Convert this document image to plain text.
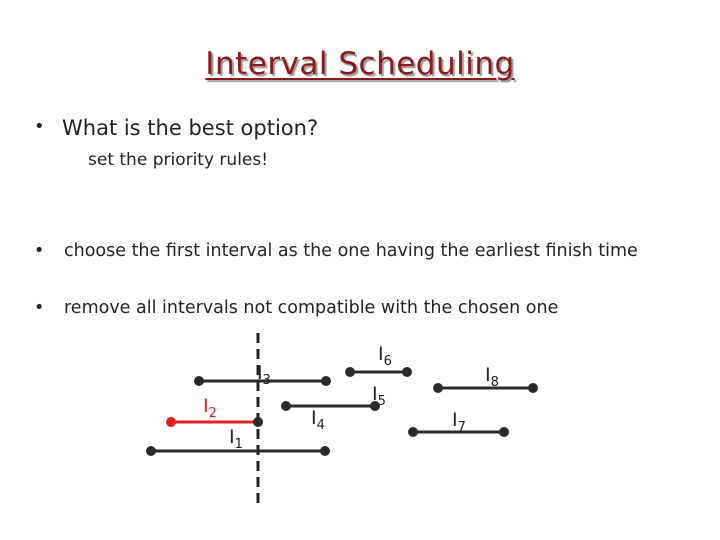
Interval Scheduling
• What is the best option?
set the priority rules!
• choose the first interval as the one having the earliest finish time
• remove all intervals not compatible with the chosen one
$I_3$
$I_6$
$I_8$
$I_2$
$I_5$
$I_4$	$I_7$
$I_1$
